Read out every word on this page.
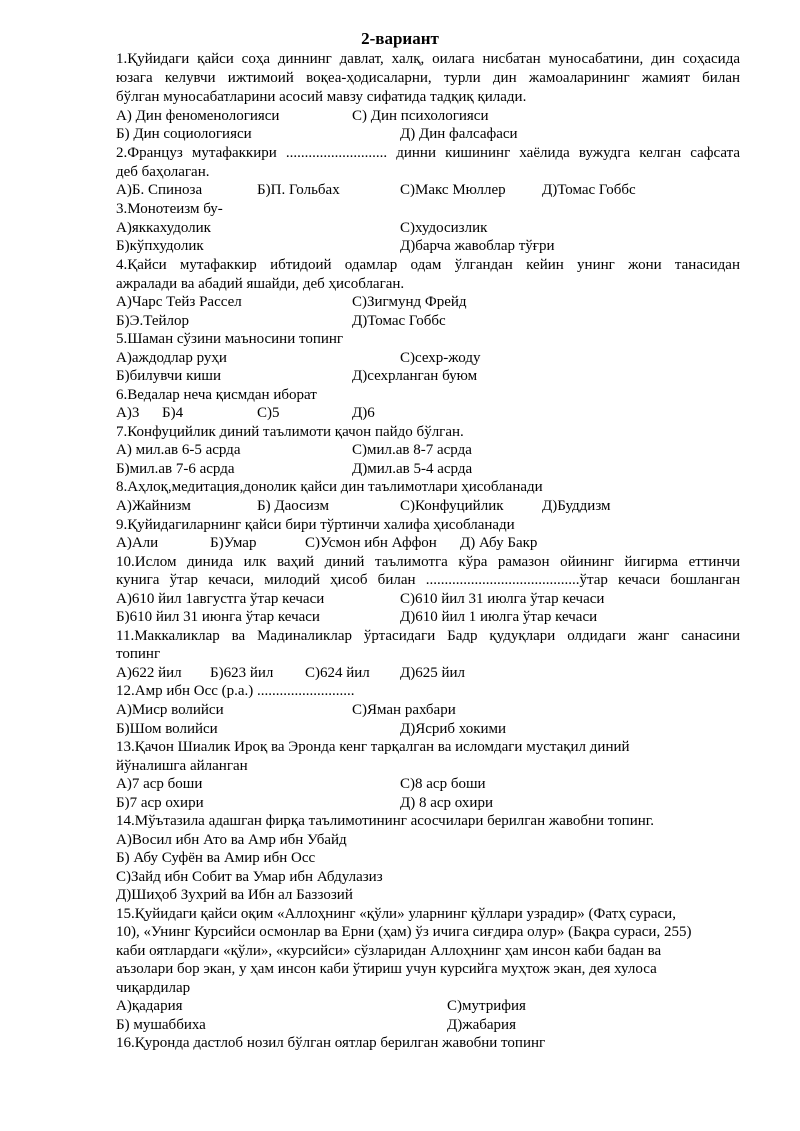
2-вариант
1.Қуйидаги қайси соҳа диннинг давлат, халқ, оилага нисбатан муносабатини, дин соҳасида
юзага келувчи ижтимоий воқеа-ҳодисаларни, турли дин жамоаларининг жамият билан
бўлган муносабатларини асосий мавзу сифатида тадқиқ қилади.
А) Дин феноменологияси	С) Дин психологияси
Б) Дин социологияси	Д) Дин фалсафаси
2.Француз мутафаккири ........................... динни кишининг хаёлида вужудга келган сафсата
деб баҳолаган.
А)Б. Спиноза	Б)П. Гольбах	С)Макс Мюллер Д)Томас Гоббс
3.Монотеизм бу-
А)яккахудолик	С)худосизлик
Б)кўпхудолик	Д)барча жавоблар тўғри
4.Қайси мутафаккир ибтидоий одамлар одам ўлгандан кейин унинг жони танасидан
ажралади ва абадий яшайди, деб ҳисоблаган.
А)Чарс Тейз Рассел	С)Зигмунд Фрейд
Б)Э.Тейлор	Д)Томас Гоббс
5.Шаман сўзини маъносини топинг
А)аждодлар руҳи	С)сехр-жоду
Б)билувчи киши	Д)сехрланган буюм
6.Ведалар неча қисмдан иборат
А)3 Б)4	С)5	Д)6
7.Конфуцийлик диний таълимоти қачон пайдо бўлган.
А) мил.ав 6-5 асрда	С)мил.ав 8-7 асрда
Б)мил.ав 7-6 асрда	Д)мил.ав 5-4 асрда
8.Аҳлоқ,медитация,донолик қайси дин таълимотлари ҳисобланади
А)Жайнизм	Б) Даосизм	С)Конфуцийлик	Д)Буддизм
9.Қуйидагиларнинг қайси бири тўртинчи халифа ҳисобланади
А)Али	Б)Умар	С)Усмон ибн Аффон Д) Абу Бакр
10.Ислом динида илк ваҳий диний таълимотга кўра рамазон ойининг йигирма еттинчи
кунига ўтар кечаси, милодий ҳисоб билан .........................................ўтар кечаси бошланган
А)610 йил 1августга ўтар кечаси	С)610 йил 31 июлга ўтар кечаси
Б)610 йил 31 июнга ўтар кечаси	Д)610 йил 1 июлга ўтар кечаси
11.Маккаликлар ва Мадиналиклар ўртасидаги Бадр қудуқлари олдидаги жанг санасини
топинг
А)622 йил Б)623 йил С)624 йил Д)625 йил
12.Амр ибн Осс (р.а.) ..........................
А)Миср волийси	С)Яман рахбари
Б)Шом волийси	Д)Ясриб хокими
13.Қачон Шиалик Ироқ ва Эронда кенг тарқалган ва исломдаги мустақил диний
йўналишга айланган
А)7 аср боши	С)8 аср боши
Б)7 аср охири	Д) 8 аср охири
14.Мўътазила адашган фирқа таълимотининг асосчилари берилган жавобни топинг.
А)Восил ибн Ато ва Амр ибн Убайд
Б) Абу Суфён ва Амир ибн Осс
С)Зайд ибн Собит ва Умар ибн Абдулазиз
Д)Шиҳоб Зухрий ва Ибн ал Баззозий
15.Қуйидаги қайси оқим «Аллоҳнинг «қўли» уларнинг қўллари узрадир» (Фатҳ сураси,
10), «Унинг Курсийси осмонлар ва Ерни (ҳам) ўз ичига сиғдира олур» (Бақра сураси, 255)
каби оятлардаги «қўли», «курсийси» сўзларидан Аллоҳнинг ҳам инсон каби бадан ва
аъзолари бор экан, у ҳам инсон каби ўтириш учун курсийга муҳтож экан, дея хулоса
чиқардилар
А)қадария	С)мутрифия
Б) мушаббиха	Д)жабария
16.Қуронда дастлоб нозил бўлган оятлар берилган жавобни топинг
